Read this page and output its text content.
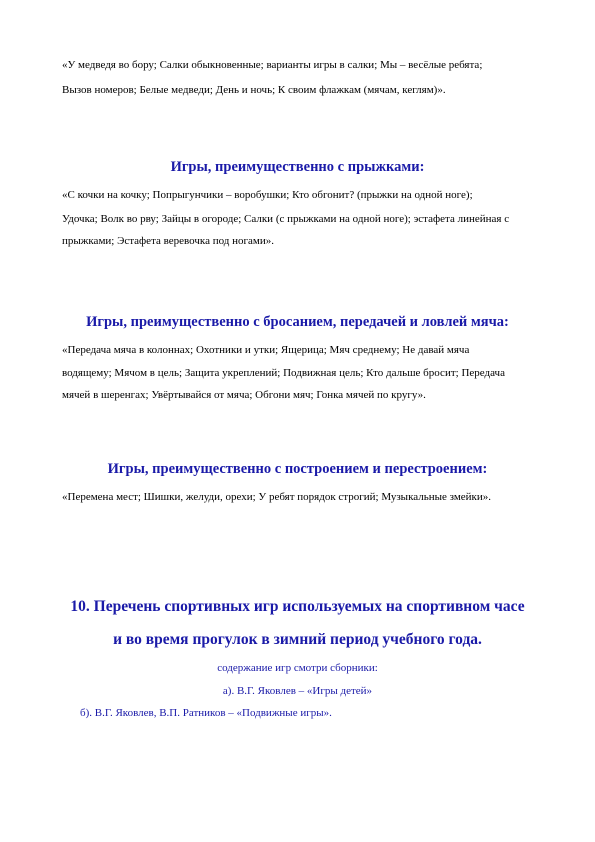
«У медведя во бору; Салки обыкновенные; варианты игры в салки; Мы – весёлые ребята;
Вызов номеров; Белые медведи; День и ночь; К своим флажкам (мячам, кеглям)».
Игры, преимущественно с прыжками:
«С кочки на кочку; Попрыгунчики – воробушки; Кто обгонит? (прыжки на одной ноге);
Удочка; Волк во рву; Зайцы в огороде; Салки (с прыжками на одной ноге); эстафета линейная с
прыжками; Эстафета веревочка под ногами».
Игры, преимущественно с бросанием, передачей и ловлей мяча:
«Передача мяча в колоннах; Охотники и утки; Ящерица; Мяч среднему; Не давай мяча
водящему; Мячом в цель; Защита укреплений; Подвижная цель; Кто дальше бросит; Передача
мячей в шеренгах; Увёртывайся от мяча; Обгони мяч; Гонка мячей по кругу».
Игры, преимущественно с построением и перестроением:
«Перемена мест; Шишки, желуди, орехи; У ребят порядок строгий; Музыкальные змейки».
10. Перечень спортивных игр используемых на спортивном часе
и во время прогулок в зимний период учебного года.
содержание игр смотри сборники:
а). В.Г. Яковлев – «Игры детей»
б). В.Г. Яковлев, В.П. Ратников – «Подвижные игры».
